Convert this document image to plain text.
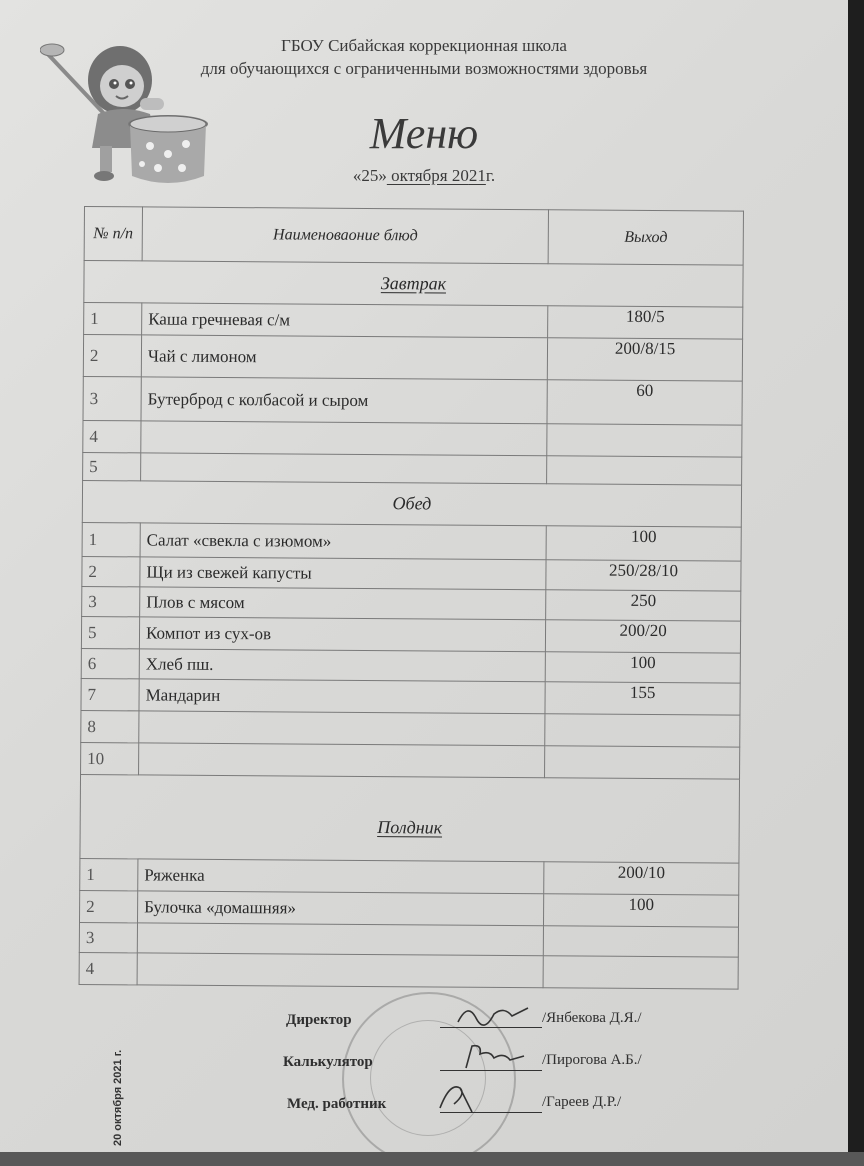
ГБОУ Сибайская коррекционная школа
для обучающихся с ограниченными возможностями здоровья
Меню
«25» октября 2021г.
№ п/п	Наименоваоние блюд	Выход
Завтрак		
1	Каша гречневая с/м	180/5
2	Чай с лимоном	200/8/15
3	Бутерброд с колбасой и сыром	60
4		
5		
Обед		
1	Салат «свекла с изюмом»	100
2	Щи из свежей капусты	250/28/10
3	Плов с мясом	250
5	Компот из сух-ов	200/20
6	Хлеб пш.	100
7	Мандарин	155
8		
10		
Полдник		
1	Ряженка	200/10
2	Булочка «домашняя»	100
3		
4		
Директор	/Янбекова Д.Я./
Калькулятор	/Пирогова А.Б./
Мед. работник	/Гареев Д.Р./
20 октября 2021 г.
